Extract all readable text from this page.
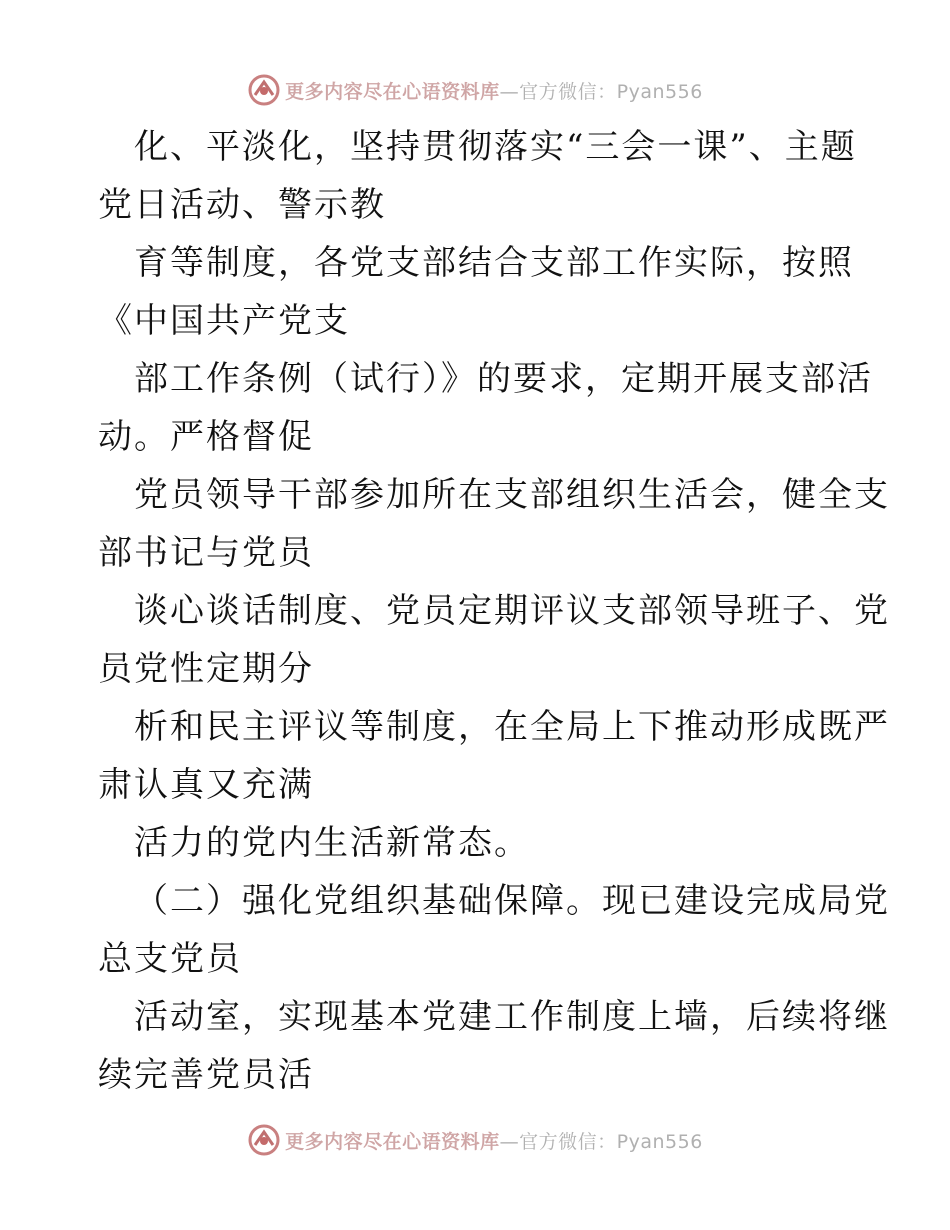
更多内容尽在心语资料库—官方微信：Pyan556
化、平淡化，坚持贯彻落实“三会一课”、主题
党日活动、警示教
育等制度，各党支部结合支部工作实际，按照
《中国共产党支
部工作条例（试行）》的要求，定期开展支部活
动。严格督促
党员领导干部参加所在支部组织生活会，健全支
部书记与党员
谈心谈话制度、党员定期评议支部领导班子、党
员党性定期分
析和民主评议等制度，在全局上下推动形成既严
肃认真又充满
活力的党内生活新常态。
（二）强化党组织基础保障。现已建设完成局党
总支党员
活动室，实现基本党建工作制度上墙，后续将继
续完善党员活
更多内容尽在心语资料库—官方微信：Pyan556
